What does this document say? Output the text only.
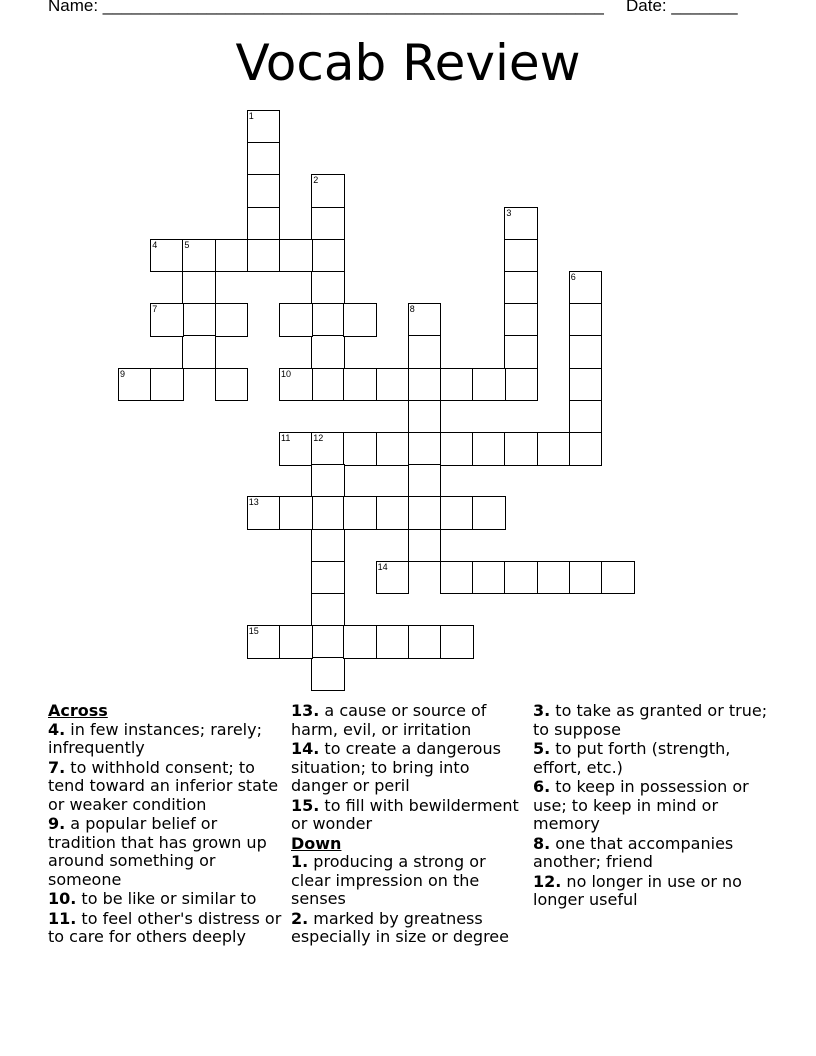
Name: _____________________________________________________ Date: _______
Vocab Review
1
2
3
4	5
6
7	8
9	10
11	12
13
14
15
Across
4. in few instances; rarely; infrequently
7. to withhold consent; to tend toward an inferior state or weaker condition
9. a popular belief or tradition that has grown up around something or someone
10. to be like or similar to
11. to feel other's distress or to care for others deeply
13. a cause or source of harm, evil, or irritation
14. to create a dangerous situation; to bring into danger or peril
15. to fill with bewilderment or wonder
Down
1. producing a strong or clear impression on the senses
2. marked by greatness especially in size or degree
3. to take as granted or true; to suppose
5. to put forth (strength, effort, etc.)
6. to keep in possession or use; to keep in mind or memory
8. one that accompanies another; friend
12. no longer in use or no longer useful
